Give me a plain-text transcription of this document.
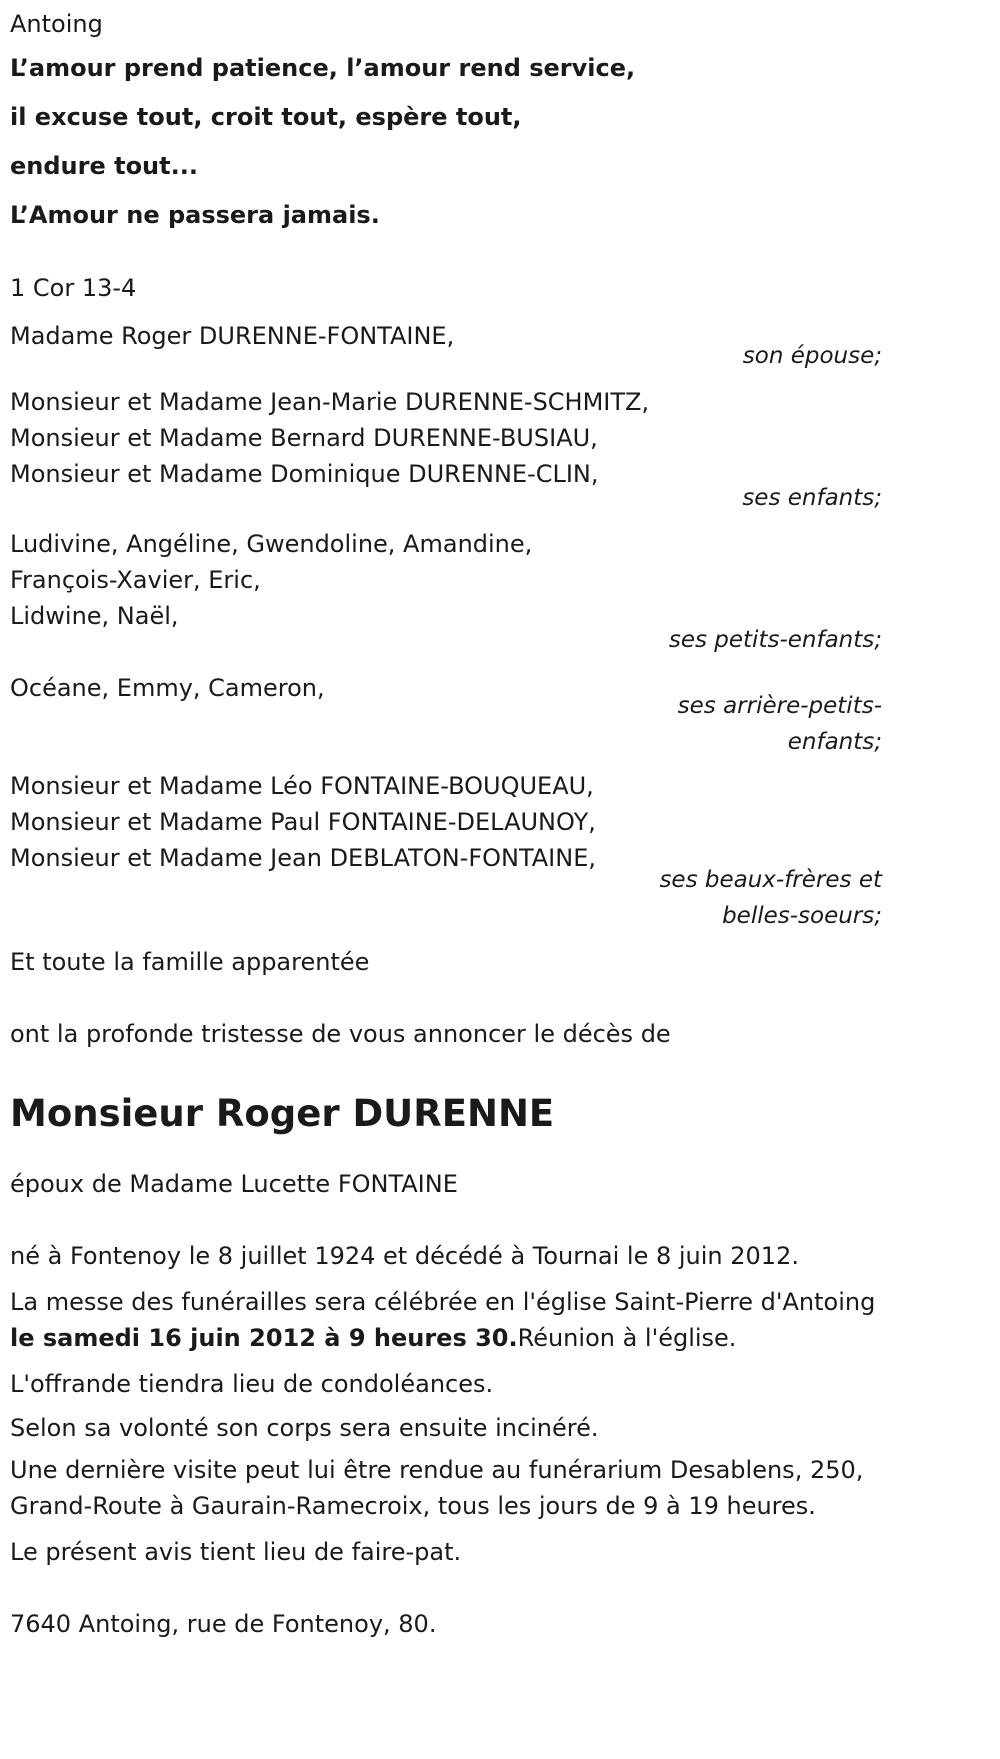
Antoing
L’amour prend patience, l’amour rend service,
il excuse tout, croit tout, espère tout,
endure tout...
L’Amour ne passera jamais.
1 Cor 13-4
Madame Roger DURENNE-FONTAINE,
son épouse;
Monsieur et Madame Jean-Marie DURENNE-SCHMITZ,
Monsieur et Madame Bernard DURENNE-BUSIAU,
Monsieur et Madame Dominique DURENNE-CLIN,
ses enfants;
Ludivine, Angéline, Gwendoline, Amandine,
François-Xavier, Eric,
Lidwine, Naël,
ses petits-enfants;
Océane, Emmy, Cameron,
ses arrière-petits-
enfants;
Monsieur et Madame Léo FONTAINE-BOUQUEAU,
Monsieur et Madame Paul FONTAINE-DELAUNOY,
Monsieur et Madame Jean DEBLATON-FONTAINE,
ses beaux-frères et
belles-soeurs;
Et toute la famille apparentée
ont la profonde tristesse de vous annoncer le décès de
Monsieur Roger DURENNE
époux de Madame Lucette FONTAINE
né à Fontenoy le 8 juillet 1924 et décédé à Tournai le 8 juin 2012.
La messe des funérailles sera célébrée en l'église Saint-Pierre d'Antoing
le samedi 16 juin 2012 à 9 heures 30.Réunion à l'église.
L'offrande tiendra lieu de condoléances.
Selon sa volonté son corps sera ensuite incinéré.
Une dernière visite peut lui être rendue au funérarium Desablens, 250,
Grand-Route à Gaurain-Ramecroix, tous les jours de 9 à 19 heures.
Le présent avis tient lieu de faire-pat.
7640 Antoing, rue de Fontenoy, 80.
